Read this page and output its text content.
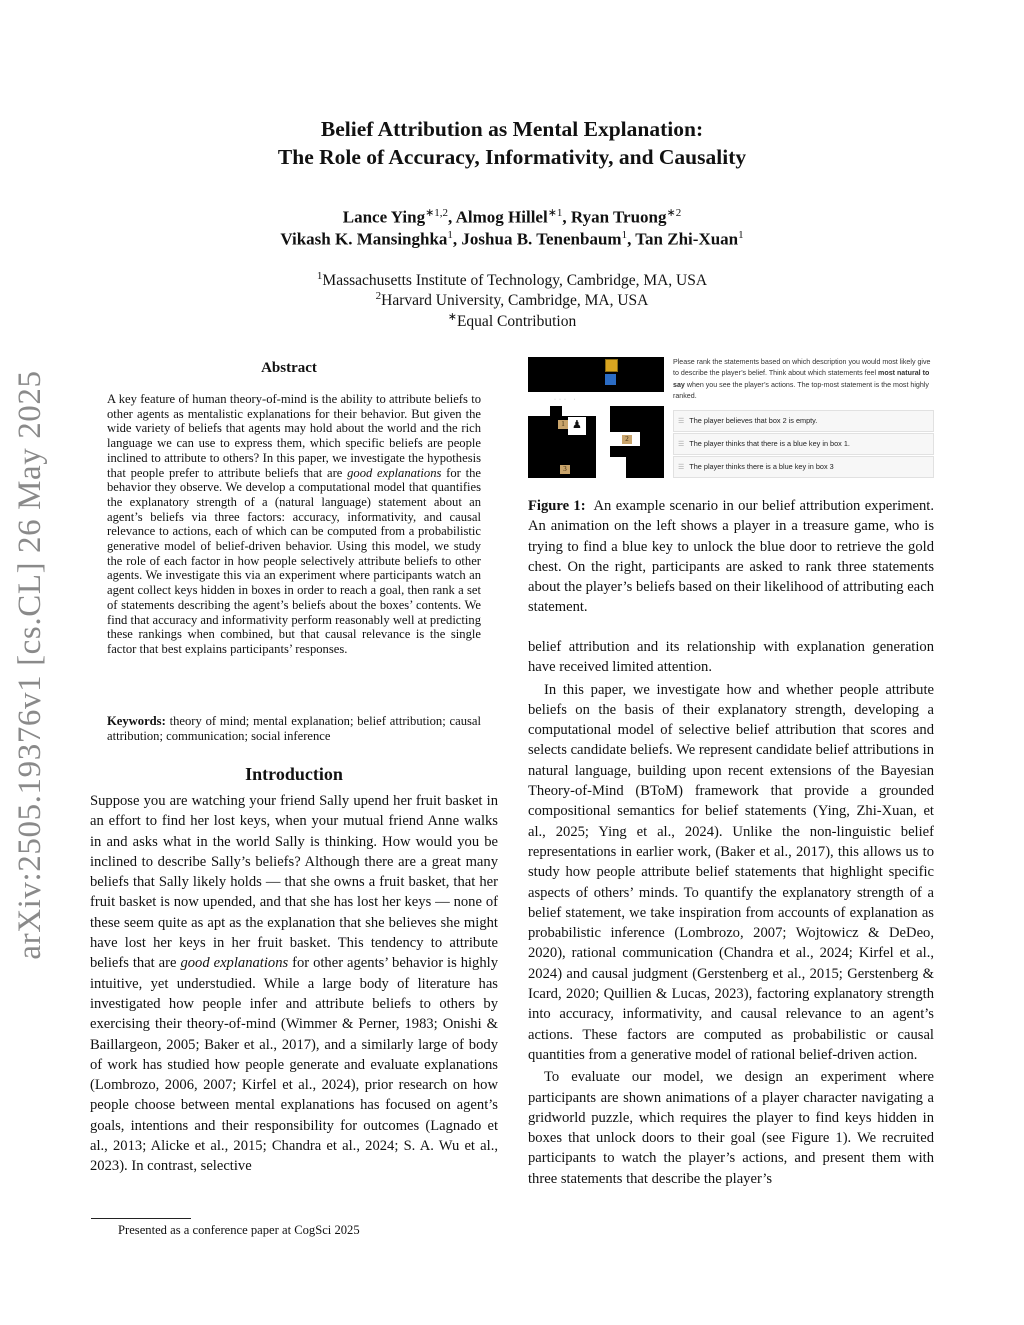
arXiv:2505.19376v1 [cs.CL] 26 May 2025
Belief Attribution as Mental Explanation:
The Role of Accuracy, Informativity, and Causality
Lance Ying$^{∗1,2}$, Almog Hillel$^{∗1}$, Ryan Truong$^{∗2}$
Vikash K. Mansinghka$^1$, Joshua B. Tenenbaum$^1$, Tan Zhi-Xuan$^1$
$^1$Massachusetts Institute of Technology, Cambridge, MA, USA
$^2$Harvard University, Cambridge, MA, USA
∗Equal Contribution
Abstract
A key feature of human theory-of-mind is the ability to attribute beliefs to other agents as mentalistic explanations for their behavior. But given the wide variety of beliefs that agents may hold about the world and the rich language we can use to express them, which specific beliefs are people inclined to attribute to others? In this paper, we investigate the hypothesis that people prefer to attribute beliefs that are good explanations for the behavior they observe. We develop a computational model that quantifies the explanatory strength of a (natural language) statement about an agent’s beliefs via three factors: accuracy, informativity, and causal relevance to actions, each of which can be computed from a probabilistic generative model of belief-driven behavior. Using this model, we study the role of each factor in how people selectively attribute beliefs to other agents. We investigate this via an experiment where participants watch an agent collect keys hidden in boxes in order to reach a goal, then rank a set of statements describing the agent’s beliefs about the boxes’ contents. We find that accuracy and informativity perform reasonably well at predicting these rankings when combined, but that causal relevance is the single factor that best explains participants’ responses.
Keywords: theory of mind; mental explanation; belief attribution; causal attribution; communication; social inference
Introduction

Suppose you are watching your friend Sally upend her fruit basket in an effort to find her lost keys, when your mutual friend Anne walks in and asks what in the world Sally is thinking. How would you be inclined to describe Sally’s beliefs? Although there are a great many beliefs that Sally likely holds — that she owns a fruit basket, that her fruit basket is now upended, and that she has lost her keys — none of these seem quite as apt as the explanation that she believes she might have lost her keys in her fruit basket. This tendency to attribute beliefs that are good explanations for other agents’ behavior is highly intuitive, yet understudied. While a large body of literature has investigated how people infer and attribute beliefs to others by exercising their theory-of-mind (Wimmer & Perner, 1983; Onishi & Baillargeon, 2005; Baker et al., 2017), and a similarly large of body of work has studied how people generate and evaluate explanations (Lombrozo, 2006, 2007; Kirfel et al., 2024), prior research on how people choose between mental explanations has focused on agent’s goals, intentions and their responsibility for outcomes (Lagnado et al., 2013; Alicke et al., 2015; Chandra et al., 2024; S. A. Wu et al., 2023). In contrast, selective

Presented as a conference paper at CogSci 2025
·  ·  ·     ·
1
2
3
♟
Please rank the statements based on which description you would most likely give to describe the player’s belief. Think about which statements feel most natural to say when you see the player’s actions. The top-most statement is the most highly ranked.
☰ The player believes that box 2 is empty.
☰ The player thinks that there is a blue key in box 1.
☰ The player thinks there is a blue key in box 3
Figure 1: An example scenario in our belief attribution experiment. An animation on the left shows a player in a treasure game, who is trying to find a blue key to unlock the blue door to retrieve the gold chest. On the right, participants are asked to rank three statements about the player’s beliefs based on their likelihood of attributing each statement.

belief attribution and its relationship with explanation generation have received limited attention.

In this paper, we investigate how and whether people attribute beliefs on the basis of their explanatory strength, developing a computational model of selective belief attribution that scores and selects candidate beliefs. We represent candidate belief attributions in natural language, building upon recent extensions of the Bayesian Theory-of-Mind (BToM) framework that provide a grounded compositional semantics for belief statements (Ying, Zhi-Xuan, et al., 2025; Ying et al., 2024). Unlike the non-linguistic belief representations in earlier work, (Baker et al., 2017), this allows us to study how people attribute belief statements that highlight specific aspects of others’ minds. To quantify the explanatory strength of a belief statement, we take inspiration from accounts of explanation as probabilistic inference (Lombrozo, 2007; Wojtowicz & DeDeo, 2020), rational communication (Chandra et al., 2024; Kirfel et al., 2024) and causal judgment (Gerstenberg et al., 2015; Gerstenberg & Icard, 2020; Quillien & Lucas, 2023), factoring explanatory strength into accuracy, informativity, and causal relevance to an agent’s actions. These factors are computed as probabilistic or causal quantities from a generative model of rational belief-driven action.

To evaluate our model, we design an experiment where participants are shown animations of a player character navigating a gridworld puzzle, which requires the player to find keys hidden in boxes that unlock doors to their goal (see Figure 1). We recruited participants to watch the player’s actions, and present them with three statements that describe the player’s
